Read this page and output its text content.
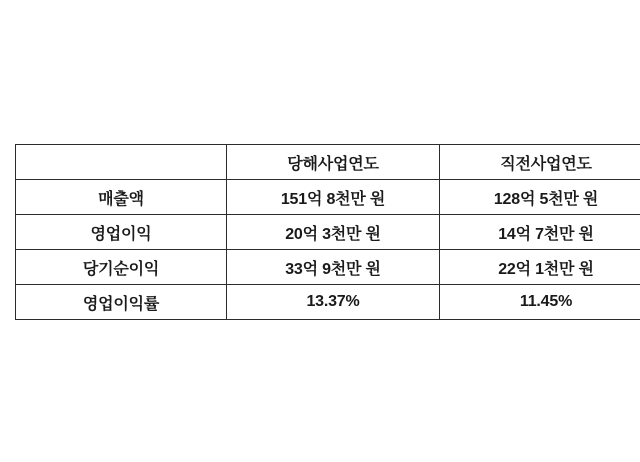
	당해사업연도	직전사업연도
매출액	151억 8천만 원	128억 5천만 원
영업이익	20억 3천만 원	14억 7천만 원
당기순이익	33억 9천만 원	22억 1천만 원
영업이익률	13.37%	11.45%
